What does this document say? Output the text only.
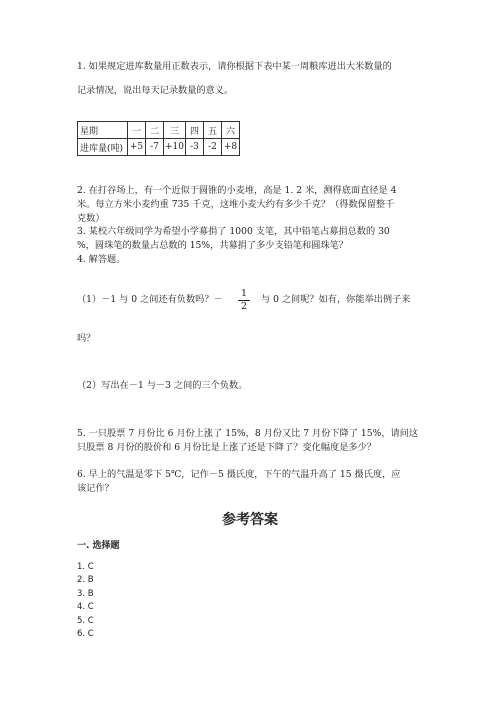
1. 如果规定进库数量用正数表示，请你根据下表中某一周粮库进出大米数量的
记录情况，说出每天记录数量的意义。
星期	一	二	三	四	五	六
进库量(吨)	+5	-7	+10	-3	-2	+8
2. 在打谷场上，有一个近似于圆锥的小麦堆，高是 1. 2 米，测得底面直径是 4
米。每立方米小麦约重 735 千克，这堆小麦大约有多少千克？（得数保留整千
克数）
3. 某校六年级同学为希望小学募捐了 1000 支笔，其中铅笔占募捐总数的 30
%，圆珠笔的数量占总数的 15%，共募捐了多少支铅笔和圆珠笔？
4. 解答题。
（1）－1 与 0 之间还有负数吗？－ $\frac{1}{2}$ 与 0 之间呢？如有，你能举出例子来
吗？
（2）写出在－1 与－3 之间的三个负数。
5. 一只股票 7 月份比 6 月份上涨了 15%，8 月份又比 7 月份下降了 15%，请问这
只股票 8 月份的股价和 6 月份比是上涨了还是下降了？变化幅度是多少？
6. 早上的气温是零下 5℃，记作－5 摄氏度，下午的气温升高了 15 摄氏度，应
该记作？
参考答案
一. 选择题
1. C
2. B
3. B
4. C
5. C
6. C
